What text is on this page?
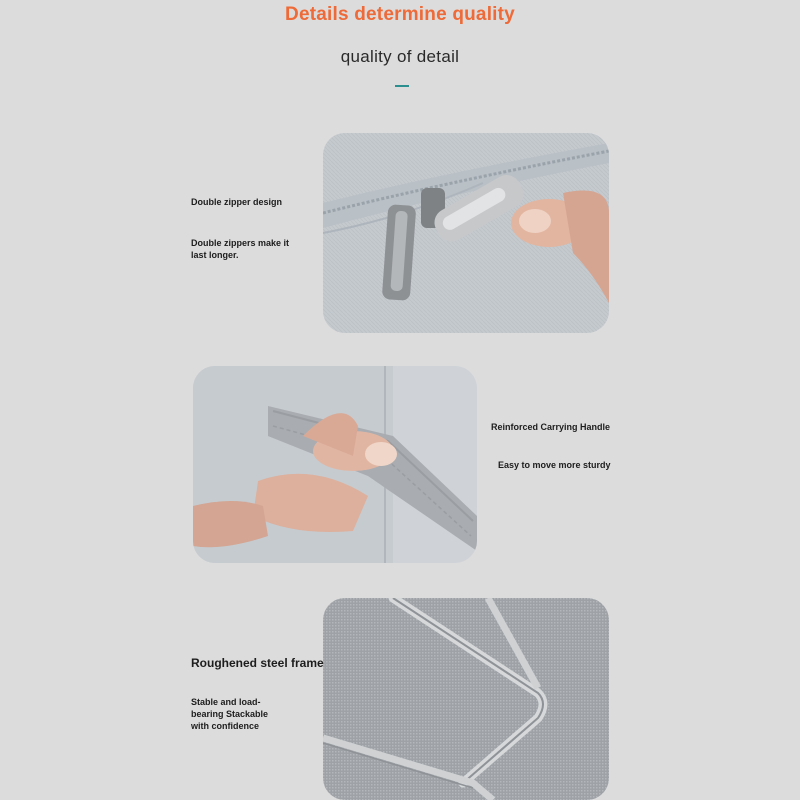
Details determine quality
quality of detail
Double zipper design
Double zippers make it last longer.
Reinforced Carrying Handle
Easy to move more sturdy
Roughened steel frame
Stable and load-bearing Stackable with confidence
